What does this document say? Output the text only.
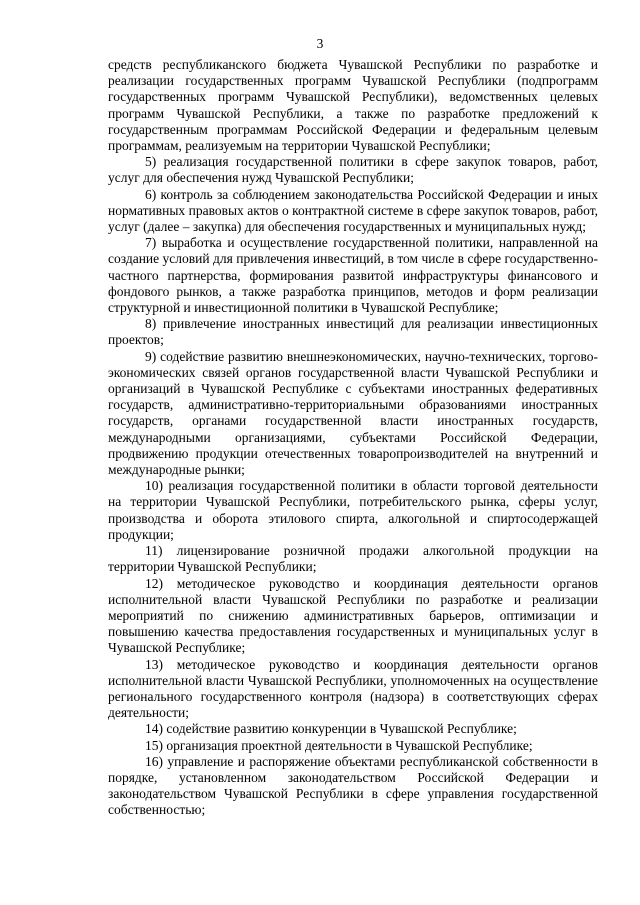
3

средств республиканского бюджета Чувашской Республики по разработке и реализации государственных программ Чувашской Республики (подпрограмм государственных программ Чувашской Республики), ведомственных целевых программ Чувашской Республики, а также по разработке предложений к государственным программам Российской Федерации и федеральным целевым программам, реализуемым на территории Чувашской Республики;

5) реализация государственной политики в сфере закупок товаров, работ, услуг для обеспечения нужд Чувашской Республики;

6) контроль за соблюдением законодательства Российской Федерации и иных нормативных правовых актов о контрактной системе в сфере закупок товаров, работ, услуг (далее – закупка) для обеспечения государственных и муниципальных нужд;

7) выработка и осуществление государственной политики, направленной на создание условий для привлечения инвестиций, в том числе в сфере государственно-частного партнерства, формирования развитой инфраструктуры финансового и фондового рынков, а также разработка принципов, методов и форм реализации структурной и инвестиционной политики в Чувашской Республике;

8) привлечение иностранных инвестиций для реализации инвестиционных проектов;

9) содействие развитию внешнеэкономических, научно-технических, торгово-экономических связей органов государственной власти Чувашской Республики и организаций в Чувашской Республике с субъектами иностранных федеративных государств, административно-территориальными образованиями иностранных государств, органами государственной власти иностранных государств, международными организациями, субъектами Российской Федерации, продвижению продукции отечественных товаропроизводителей на внутренний и международные рынки;

10) реализация государственной политики в области торговой деятельности на территории Чувашской Республики, потребительского рынка, сферы услуг, производства и оборота этилового спирта, алкогольной и спиртосодержащей продукции;

11) лицензирование розничной продажи алкогольной продукции на территории Чувашской Республики;

12) методическое руководство и координация деятельности органов исполнительной власти Чувашской Республики по разработке и реализации мероприятий по снижению административных барьеров, оптимизации и повышению качества предоставления государственных и муниципальных услуг в Чувашской Республике;

13) методическое руководство и координация деятельности органов исполнительной власти Чувашской Республики, уполномоченных на осуществление регионального государственного контроля (надзора) в соответствующих сферах деятельности;

14) содействие развитию конкуренции в Чувашской Республике;

15) организация проектной деятельности в Чувашской Республике;

16) управление и распоряжение объектами республиканской собственности в порядке, установленном законодательством Российской Федерации и законодательством Чувашской Республики в сфере управления государственной собственностью;
